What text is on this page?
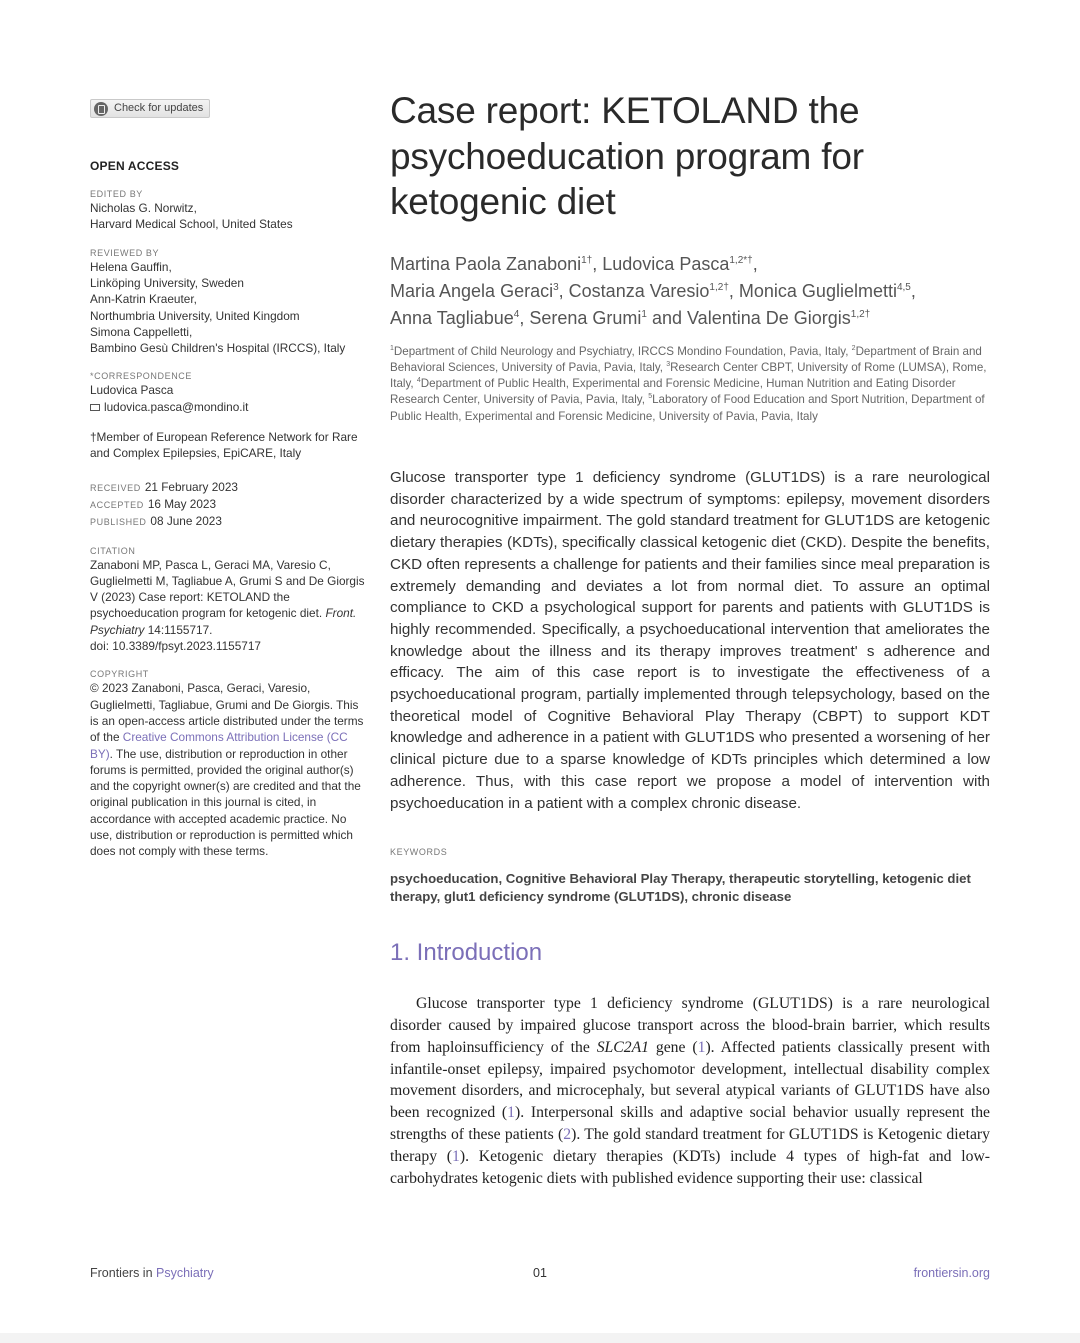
Check for updates
OPEN ACCESS
EDITED BY
Nicholas G. Norwitz,
Harvard Medical School, United States
REVIEWED BY
Helena Gauffin,
Linköping University, Sweden
Ann-Katrin Kraeuter,
Northumbria University, United Kingdom
Simona Cappelletti,
Bambino Gesù Children's Hospital (IRCCS), Italy
*CORRESPONDENCE
Ludovica Pasca
ludovica.pasca@mondino.it
†Member of European Reference Network for Rare and Complex Epilepsies, EpiCARE, Italy
RECEIVED 21 February 2023
ACCEPTED 16 May 2023
PUBLISHED 08 June 2023
CITATION
Zanaboni MP, Pasca L, Geraci MA, Varesio C, Guglielmetti M, Tagliabue A, Grumi S and De Giorgis V (2023) Case report: KETOLAND the psychoeducation program for ketogenic diet. Front. Psychiatry 14:1155717.
doi: 10.3389/fpsyt.2023.1155717
COPYRIGHT
© 2023 Zanaboni, Pasca, Geraci, Varesio, Guglielmetti, Tagliabue, Grumi and De Giorgis. This is an open-access article distributed under the terms of the Creative Commons Attribution License (CC BY). The use, distribution or reproduction in other forums is permitted, provided the original author(s) and the copyright owner(s) are credited and that the original publication in this journal is cited, in accordance with accepted academic practice. No use, distribution or reproduction is permitted which does not comply with these terms.
Case report: KETOLAND the psychoeducation program for ketogenic diet
Martina Paola Zanaboni$^{1\dagger}$, Ludovica Pasca$^{1,2*\dagger}$,
Maria Angela Geraci$^3$, Costanza Varesio$^{1,2\dagger}$, Monica Guglielmetti$^{4,5}$,
Anna Tagliabue$^4$, Serena Grumi$^1$ and Valentina De Giorgis$^{1,2\dagger}$
$^1$Department of Child Neurology and Psychiatry, IRCCS Mondino Foundation, Pavia, Italy, $^2$Department of Brain and Behavioral Sciences, University of Pavia, Pavia, Italy, $^3$Research Center CBPT, University of Rome (LUMSA), Rome, Italy, $^4$Department of Public Health, Experimental and Forensic Medicine, Human Nutrition and Eating Disorder Research Center, University of Pavia, Pavia, Italy, $^5$Laboratory of Food Education and Sport Nutrition, Department of Public Health, Experimental and Forensic Medicine, University of Pavia, Pavia, Italy
Glucose transporter type 1 deficiency syndrome (GLUT1DS) is a rare neurological disorder characterized by a wide spectrum of symptoms: epilepsy, movement disorders and neurocognitive impairment. The gold standard treatment for GLUT1DS are ketogenic dietary therapies (KDTs), specifically classical ketogenic diet (CKD). Despite the benefits, CKD often represents a challenge for patients and their families since meal preparation is extremely demanding and deviates a lot from normal diet. To assure an optimal compliance to CKD a psychological support for parents and patients with GLUT1DS is highly recommended. Specifically, a psychoeducational intervention that ameliorates the knowledge about the illness and its therapy improves treatment' s adherence and efficacy. The aim of this case report is to investigate the effectiveness of a psychoeducational program, partially implemented through telepsychology, based on the theoretical model of Cognitive Behavioral Play Therapy (CBPT) to support KDT knowledge and adherence in a patient with GLUT1DS who presented a worsening of her clinical picture due to a sparse knowledge of KDTs principles which determined a low adherence. Thus, with this case report we propose a model of intervention with psychoeducation in a patient with a complex chronic disease.
KEYWORDS
psychoeducation, Cognitive Behavioral Play Therapy, therapeutic storytelling, ketogenic diet therapy, glut1 deficiency syndrome (GLUT1DS), chronic disease
1. Introduction

Glucose transporter type 1 deficiency syndrome (GLUT1DS) is a rare neurological disorder caused by impaired glucose transport across the blood-brain barrier, which results from haploinsufficiency of the SLC2A1 gene (1). Affected patients classically present with infantile-onset epilepsy, impaired psychomotor development, intellectual disability complex movement disorders, and microcephaly, but several atypical variants of GLUT1DS have also been recognized (1). Interpersonal skills and adaptive social behavior usually represent the strengths of these patients (2). The gold standard treatment for GLUT1DS is Ketogenic dietary therapy (1). Ketogenic dietary therapies (KDTs) include 4 types of high-fat and low-carbohydrates ketogenic diets with published evidence supporting their use: classical

Frontiers in Psychiatry	01	frontiersin.org
